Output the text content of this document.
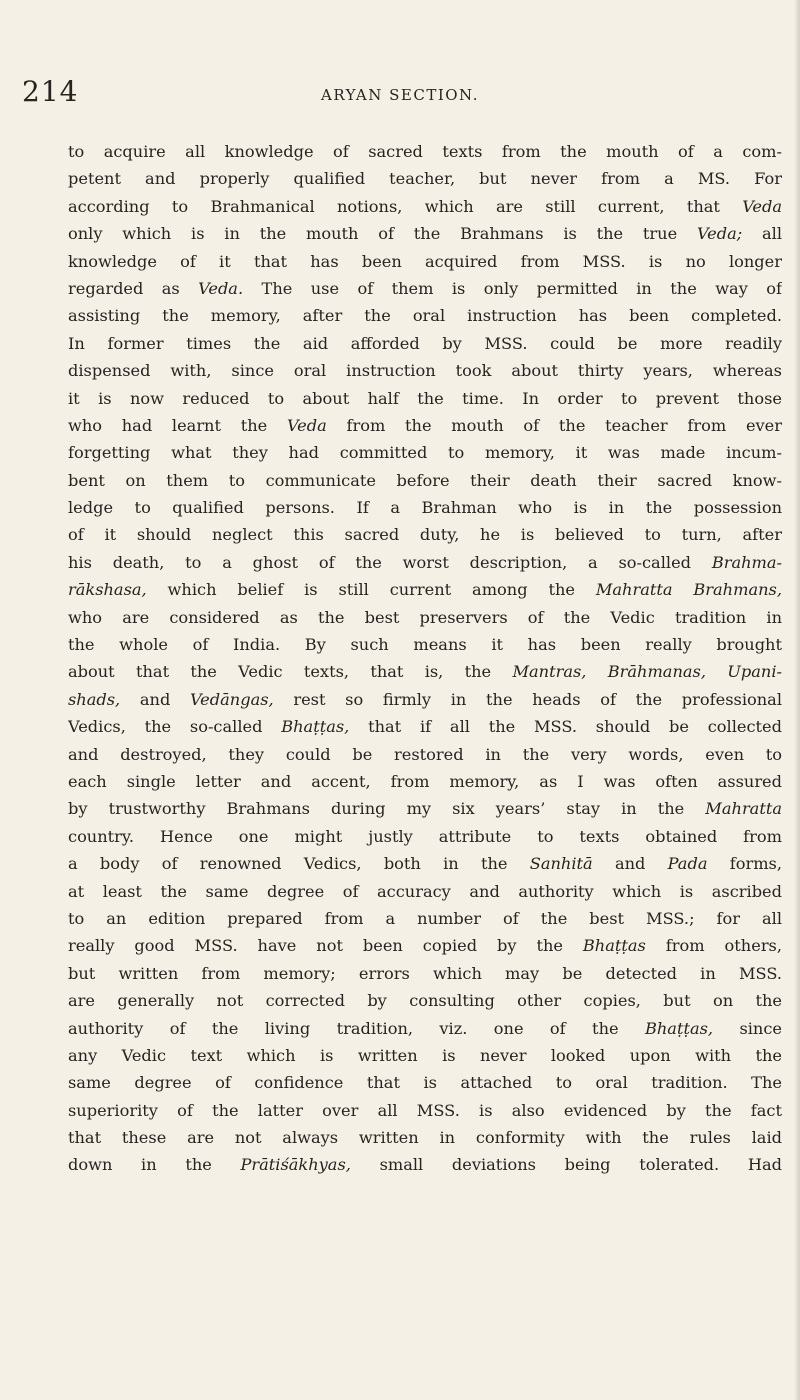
214	ARYAN SECTION.

to acquire all knowledge of sacred texts from the mouth of a com-
petent and properly qualified teacher, but never from a MS. For
according to Brahmanical notions, which are still current, that Veda
only which is in the mouth of the Brahmans is the true Veda; all
knowledge of it that has been acquired from MSS. is no longer
regarded as Veda. The use of them is only permitted in the way of
assisting the memory, after the oral instruction has been completed.
In former times the aid afforded by MSS. could be more readily
dispensed with, since oral instruction took about thirty years, whereas
it is now reduced to about half the time. In order to prevent those
who had learnt the Veda from the mouth of the teacher from ever
forgetting what they had committed to memory, it was made incum-
bent on them to communicate before their death their sacred know-
ledge to qualified persons. If a Brahman who is in the possession
of it should neglect this sacred duty, he is believed to turn, after
his death, to a ghost of the worst description, a so-called Brahma-
rākshasa, which belief is still current among the Mahratta Brahmans,
who are considered as the best preservers of the Vedic tradition in
the whole of India. By such means it has been really brought
about that the Vedic texts, that is, the Mantras, Brāhmanas, Upani-
shads, and Vedāngas, rest so firmly in the heads of the professional
Vedics, the so-called Bhaṭṭas, that if all the MSS. should be collected
and destroyed, they could be restored in the very words, even to
each single letter and accent, from memory, as I was often assured
by trustworthy Brahmans during my six years’ stay in the Mahratta
country. Hence one might justly attribute to texts obtained from
a body of renowned Vedics, both in the Sanhitā and Pada forms,
at least the same degree of accuracy and authority which is ascribed
to an edition prepared from a number of the best MSS.; for all
really good MSS. have not been copied by the Bhaṭṭas from others,
but written from memory; errors which may be detected in MSS.
are generally not corrected by consulting other copies, but on the
authority of the living tradition, viz. one of the Bhaṭṭas, since
any Vedic text which is written is never looked upon with the
same degree of confidence that is attached to oral tradition. The
superiority of the latter over all MSS. is also evidenced by the fact
that these are not always written in conformity with the rules laid
down in the Prātiśākhyas, small deviations being tolerated. Had
